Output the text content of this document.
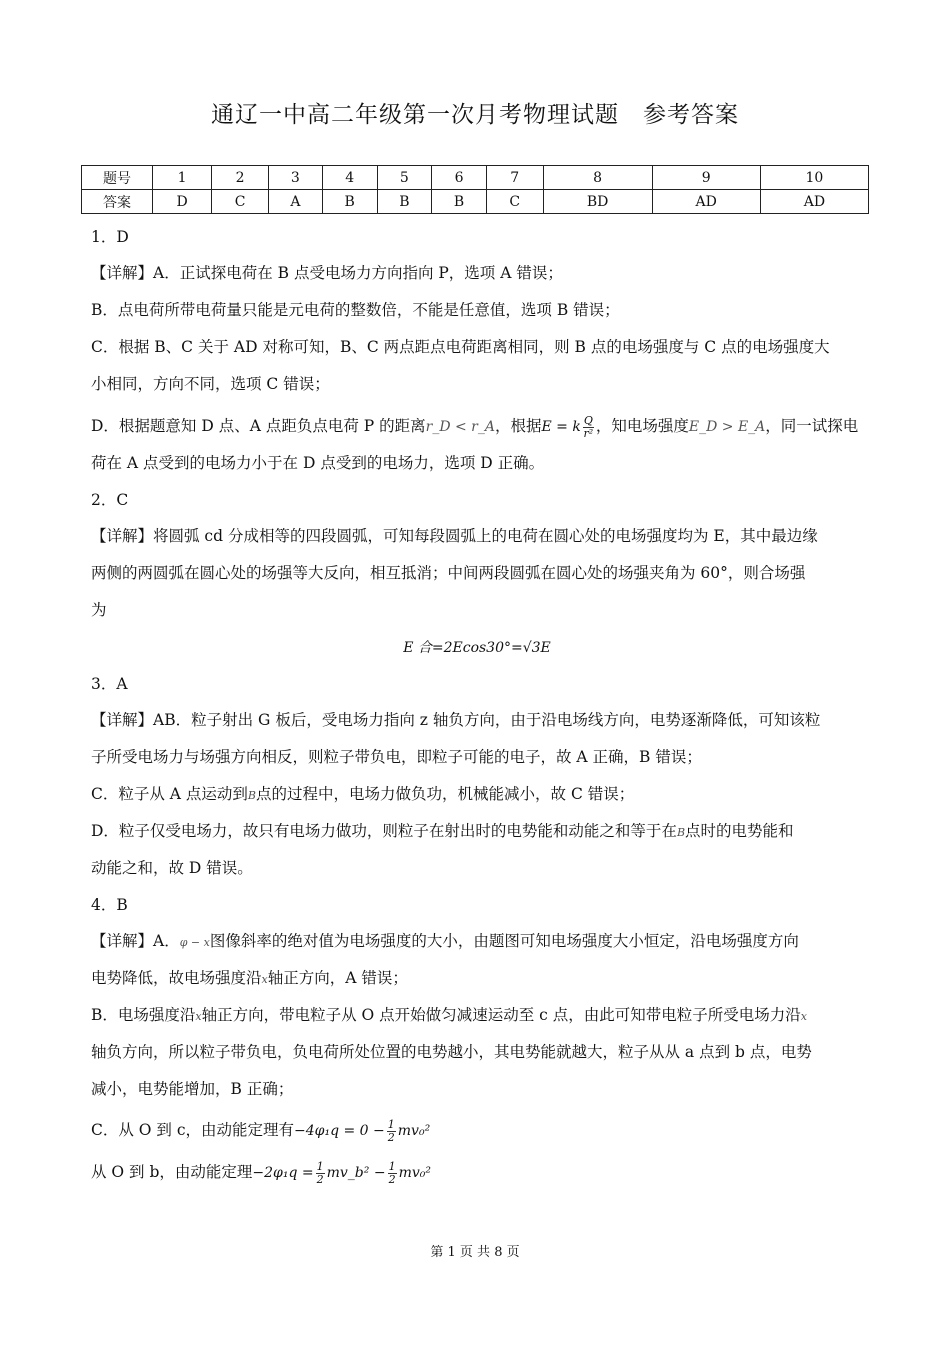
通辽一中高二年级第一次月考物理试题　参考答案
题号	1	2	3	4	5	6	7	8	9	10
答案	D	C	A	B	B	B	C	BD	AD	AD
1．D
【详解】A．正试探电荷在 B 点受电场力方向指向 P，选项 A 错误；
B．点电荷所带电荷量只能是元电荷的整数倍，不能是任意值，选项 B 错误；
C．根据 B、C 关于 AD 对称可知，B、C 两点距点电荷距离相同，则 B 点的电场强度与 C 点的电场强度大
小相同，方向不同，选项 C 错误；
D．根据题意知 D 点、A 点距负点电荷 P 的距离r_D < r_A，根据E = k $\frac{Q}{\text{r²}}$ ，知电场强度E_D > E_A，同一试探电
荷在 A 点受到的电场力小于在 D 点受到的电场力，选项 D 正确。
2．C
【详解】将圆弧 cd 分成相等的四段圆弧，可知每段圆弧上的电荷在圆心处的电场强度均为 E，其中最边缘
两侧的两圆弧在圆心处的场强等大反向，相互抵消；中间两段圆弧在圆心处的场强夹角为 60°，则合场强
为
E 合=2Ecos30°=√3E
3．A
【详解】AB．粒子射出 G 板后，受电场力指向 z 轴负方向，由于沿电场线方向，电势逐渐降低，可知该粒
子所受电场力与场强方向相反，则粒子带负电，即粒子可能的电子，故 A 正确，B 错误；
C．粒子从 A 点运动到B点的过程中，电场力做负功，机械能减小，故 C 错误；
D．粒子仅受电场力，故只有电场力做功，则粒子在射出时的电势能和动能之和等于在B点时的电势能和
动能之和，故 D 错误。
4．B
【详解】A．φ − x图像斜率的绝对值为电场强度的大小，由题图可知电场强度大小恒定，沿电场强度方向
电势降低，故电场强度沿x轴正方向，A 错误；
B．电场强度沿x轴正方向，带电粒子从 O 点开始做匀减速运动至 c 点，由此可知带电粒子所受电场力沿x
轴负方向，所以粒子带负电，负电荷所处位置的电势越小，其电势能就越大，粒子从从 a 点到 b 点，电势
减小，电势能增加，B 正确；
C．从 O 到 c，由动能定理有$-4\varphi_1q = 0 - \frac{1}{2} mv_0^2$
从 O 到 b，由动能定理$-2\varphi_1q = \frac{1}{2}$ mv_b² − $\frac{1}{2} mv_0^2$
第 1 页 共 8 页
